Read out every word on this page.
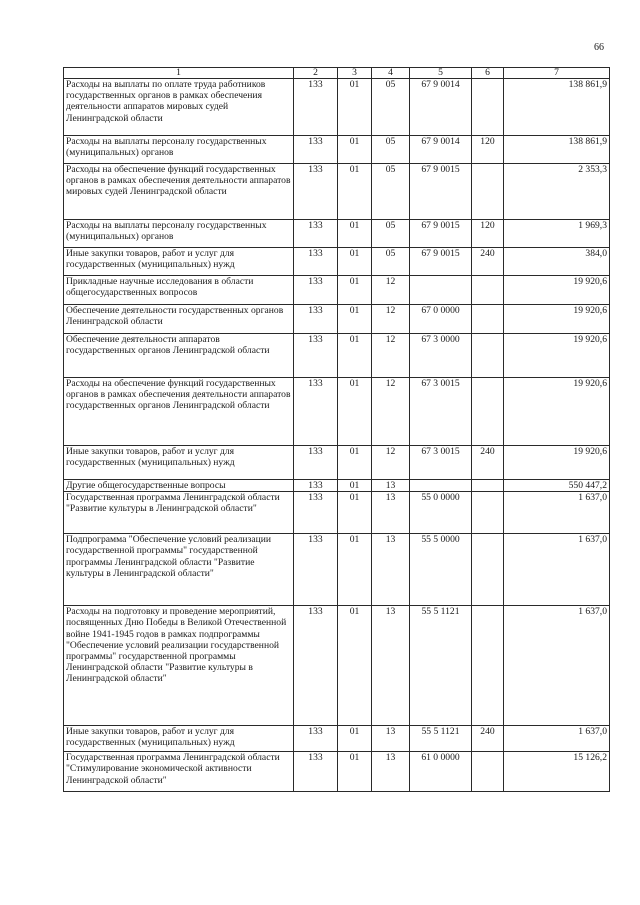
66
1	2	3	4	5	6	7
Расходы на выплаты по оплате труда работников государственных органов в рамках обеспечения деятельности аппаратов мировых судей Ленинградской области	133	01	05	67 9 0014		138 861,9
Расходы на выплаты персоналу государственных (муниципальных) органов	133	01	05	67 9 0014	120	138 861,9
Расходы на обеспечение функций государственных органов в рамках обеспечения деятельности аппаратов мировых судей Ленинградской области	133	01	05	67 9 0015		2 353,3
Расходы на выплаты персоналу государственных (муниципальных) органов	133	01	05	67 9 0015	120	1 969,3
Иные закупки товаров, работ и услуг для государственных (муниципальных) нужд	133	01	05	67 9 0015	240	384,0
Прикладные научные исследования в области общегосударственных вопросов	133	01	12			19 920,6
Обеспечение деятельности государственных органов Ленинградской области	133	01	12	67 0 0000		19 920,6
Обеспечение деятельности аппаратов государственных органов Ленинградской области	133	01	12	67 3 0000		19 920,6
Расходы на обеспечение функций государственных органов в рамках обеспечения деятельности аппаратов государственных органов Ленинградской области	133	01	12	67 3 0015		19 920,6
Иные закупки товаров, работ и услуг для государственных (муниципальных) нужд	133	01	12	67 3 0015	240	19 920,6
Другие общегосударственные вопросы	133	01	13			550 447,2
Государственная программа Ленинградской области "Развитие культуры в Ленинградской области"	133	01	13	55 0 0000		1 637,0
Подпрограмма "Обеспечение условий реализации государственной программы" государственной программы Ленинградской области "Развитие культуры в Ленинградской области"	133	01	13	55 5 0000		1 637,0
Расходы на подготовку и проведение мероприятий, посвященных Дню Победы в Великой Отечественной войне 1941-1945 годов в рамках подпрограммы "Обеспечение условий реализации государственной программы" государственной программы Ленинградской области "Развитие культуры в Ленинградской области"	133	01	13	55 5 1121		1 637,0
Иные закупки товаров, работ и услуг для государственных (муниципальных) нужд	133	01	13	55 5 1121	240	1 637,0
Государственная программа Ленинградской области "Стимулирование экономической активности Ленинградской области"	133	01	13	61 0 0000		15 126,2
